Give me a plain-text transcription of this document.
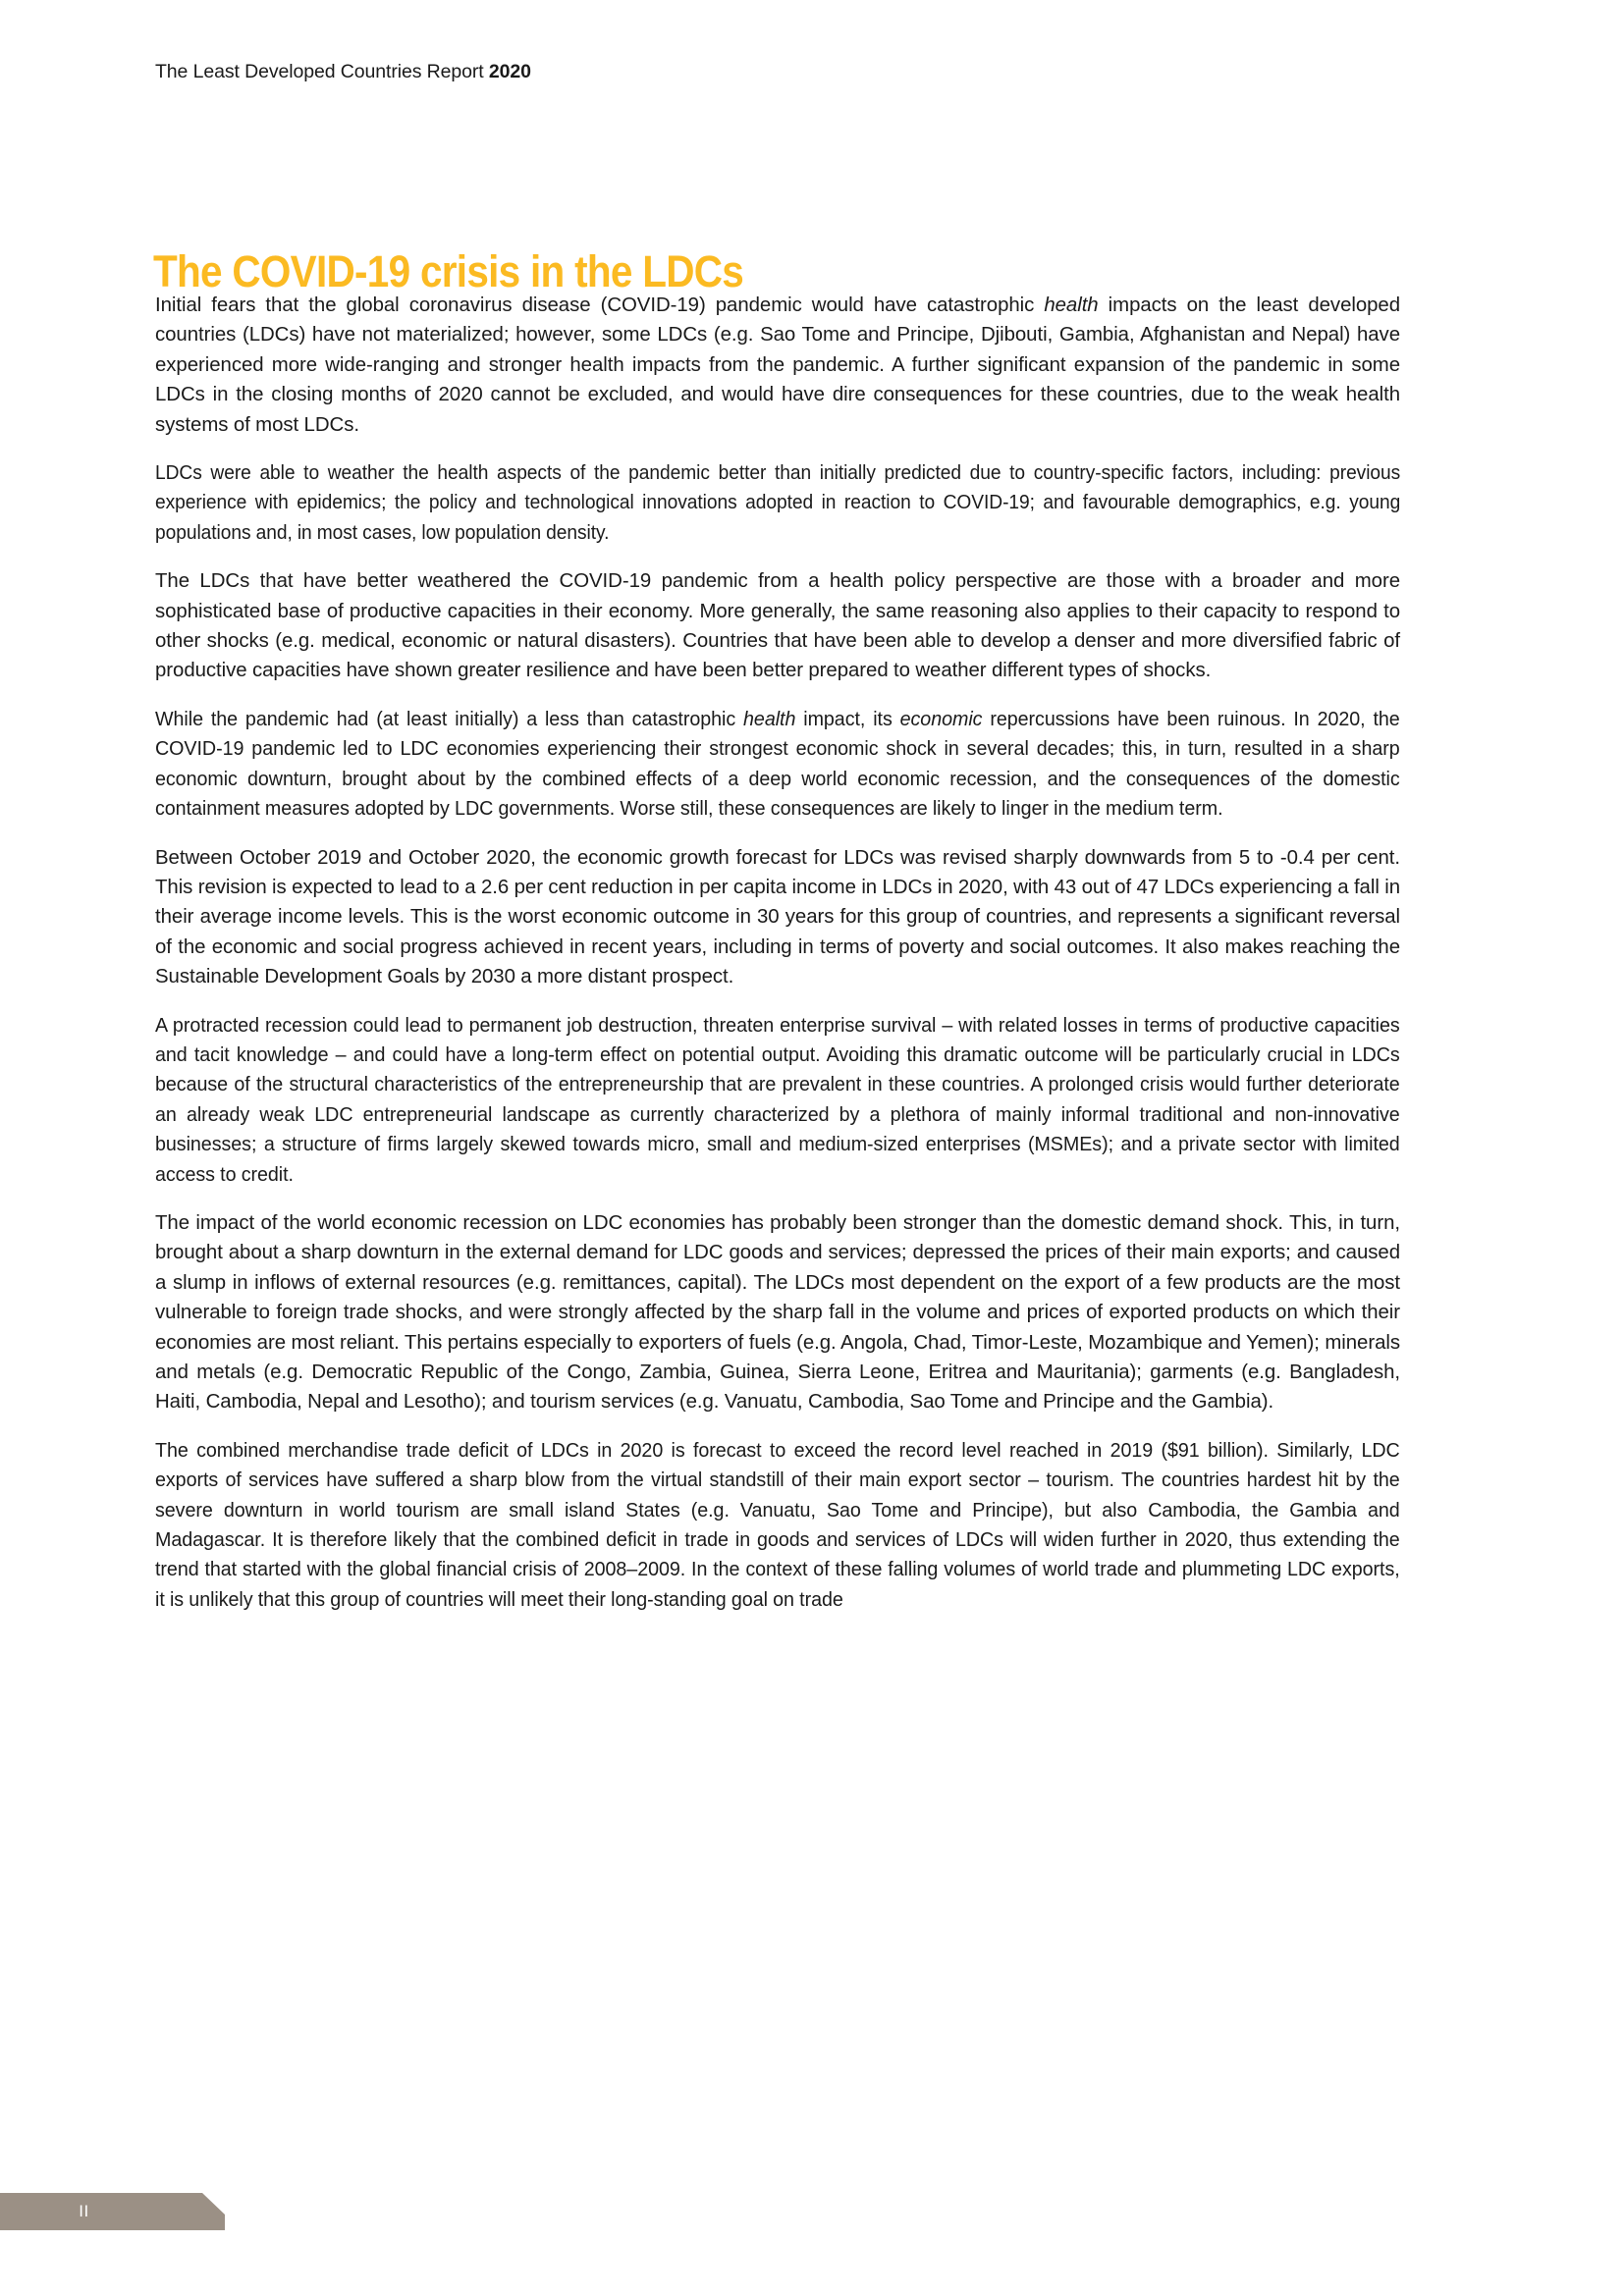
The Least Developed Countries Report 2020
The COVID-19 crisis in the LDCs

Initial fears that the global coronavirus disease (COVID-19) pandemic would have catastrophic health impacts on the least developed countries (LDCs) have not materialized; however, some LDCs (e.g. Sao Tome and Principe, Djibouti, Gambia, Afghanistan and Nepal) have experienced more wide-ranging and stronger health impacts from the pandemic. A further significant expansion of the pandemic in some LDCs in the closing months of 2020 cannot be excluded, and would have dire consequences for these countries, due to the weak health systems of most LDCs.

LDCs were able to weather the health aspects of the pandemic better than initially predicted due to country-specific factors, including: previous experience with epidemics; the policy and technological innovations adopted in reaction to COVID-19; and favourable demographics, e.g. young populations and, in most cases, low population density.

The LDCs that have better weathered the COVID-19 pandemic from a health policy perspective are those with a broader and more sophisticated base of productive capacities in their economy. More generally, the same reasoning also applies to their capacity to respond to other shocks (e.g. medical, economic or natural disasters). Countries that have been able to develop a denser and more diversified fabric of productive capacities have shown greater resilience and have been better prepared to weather different types of shocks.

While the pandemic had (at least initially) a less than catastrophic health impact, its economic repercussions have been ruinous. In 2020, the COVID-19 pandemic led to LDC economies experiencing their strongest economic shock in several decades; this, in turn, resulted in a sharp economic downturn, brought about by the combined effects of a deep world economic recession, and the consequences of the domestic containment measures adopted by LDC governments. Worse still, these consequences are likely to linger in the medium term.

Between October 2019 and October 2020, the economic growth forecast for LDCs was revised sharply downwards from 5 to -0.4 per cent. This revision is expected to lead to a 2.6 per cent reduction in per capita income in LDCs in 2020, with 43 out of 47 LDCs experiencing a fall in their average income levels. This is the worst economic outcome in 30 years for this group of countries, and represents a significant reversal of the economic and social progress achieved in recent years, including in terms of poverty and social outcomes. It also makes reaching the Sustainable Development Goals by 2030 a more distant prospect.

A protracted recession could lead to permanent job destruction, threaten enterprise survival – with related losses in terms of productive capacities and tacit knowledge – and could have a long-term effect on potential output. Avoiding this dramatic outcome will be particularly crucial in LDCs because of the structural characteristics of the entrepreneurship that are prevalent in these countries. A prolonged crisis would further deteriorate an already weak LDC entrepreneurial landscape as currently characterized by a plethora of mainly informal traditional and non-innovative businesses; a structure of firms largely skewed towards micro, small and medium-sized enterprises (MSMEs); and a private sector with limited access to credit.

The impact of the world economic recession on LDC economies has probably been stronger than the domestic demand shock. This, in turn, brought about a sharp downturn in the external demand for LDC goods and services; depressed the prices of their main exports; and caused a slump in inflows of external resources (e.g. remittances, capital). The LDCs most dependent on the export of a few products are the most vulnerable to foreign trade shocks, and were strongly affected by the sharp fall in the volume and prices of exported products on which their economies are most reliant. This pertains especially to exporters of fuels (e.g. Angola, Chad, Timor-Leste, Mozambique and Yemen); minerals and metals (e.g. Democratic Republic of the Congo, Zambia, Guinea, Sierra Leone, Eritrea and Mauritania); garments (e.g. Bangladesh, Haiti, Cambodia, Nepal and Lesotho); and tourism services (e.g. Vanuatu, Cambodia, Sao Tome and Principe and the Gambia).

The combined merchandise trade deficit of LDCs in 2020 is forecast to exceed the record level reached in 2019 ($91 billion). Similarly, LDC exports of services have suffered a sharp blow from the virtual standstill of their main export sector – tourism. The countries hardest hit by the severe downturn in world tourism are small island States (e.g. Vanuatu, Sao Tome and Principe), but also Cambodia, the Gambia and Madagascar. It is therefore likely that the combined deficit in trade in goods and services of LDCs will widen further in 2020, thus extending the trend that started with the global financial crisis of 2008–2009. In the context of these falling volumes of world trade and plummeting LDC exports, it is unlikely that this group of countries will meet their long-standing goal on trade

II
